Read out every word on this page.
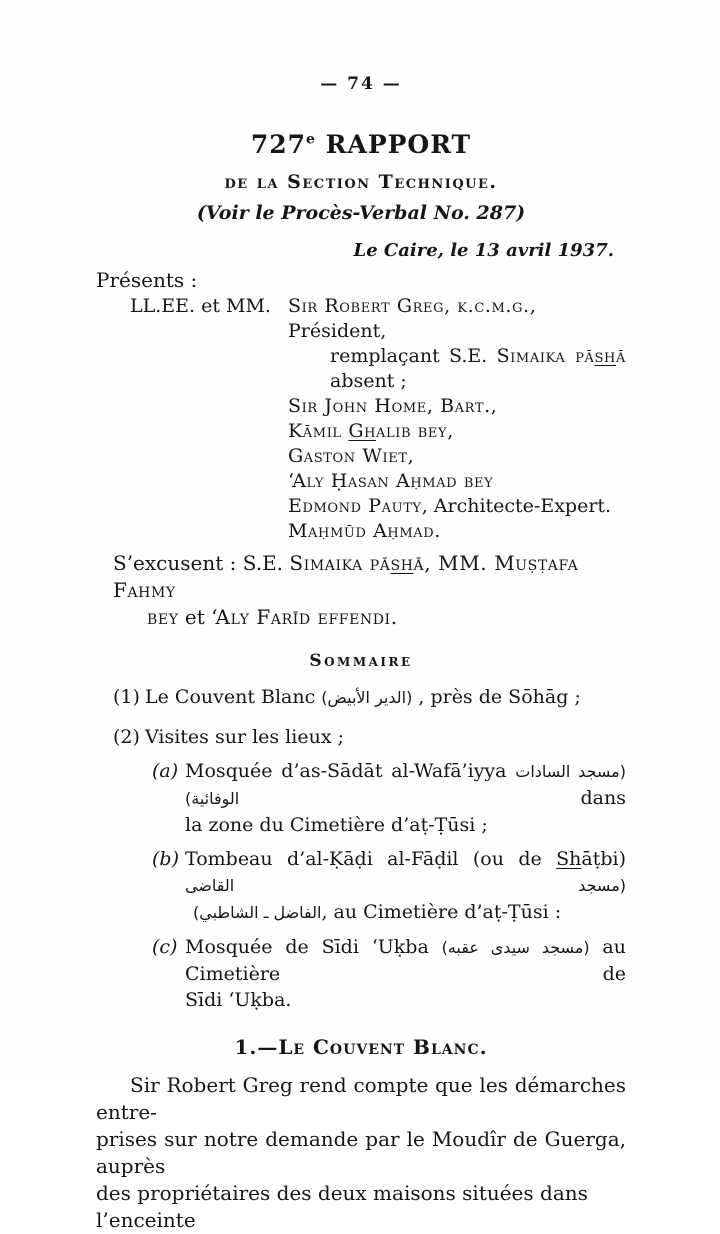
— 74 —
727e RAPPORT
de la Section Technique.
(Voir le Procès-Verbal No. 287)
Le Caire, le 13 avril 1937.
Présents :
LL.EE. et MM. Sir Robert Greg, k.c.m.g., Président,
remplaçant S.E. Simaika pāshā
absent ;
Sir John Home, Bart.,
Kāmil Ghalib bey,
Gaston Wiet,
‘Aly Ḥasan Aḥmad bey
Edmond Pauty, Architecte-Expert.
Maḥmūd Aḥmad.
S’excusent : S.E. Simaika pāshā, MM. Muṣṭafa Fahmy
bey et ‘Aly Farīd effendi.
Sommaire
(1) Le Couvent Blanc (الدير الأبيض) , près de Sōhāg ;
(2) Visites sur les lieux ;
(a) Mosquée d’as-Sādāt al-Wafā’iyya (مسجد السادات الوفائية) dans
la zone du Cimetière d’aṭ-Ṭūsi ;
(b) Tombeau d’al-Ḳāḍi al-Fāḍil (ou de Shāṭbi) (مسجد القاضى
الفاضل ـ الشاطبي), au Cimetière d’aṭ-Ṭūsi :
(c) Mosquée de Sīdi ‘Uḳba (مسجد سيدى عقبه) au Cimetière de
Sīdi ‘Uḳba.
1.—Le Couvent Blanc.
Sir Robert Greg rend compte que les démarches entre-
prises sur notre demande par le Moudîr de Guerga, auprès
des propriétaires des deux maisons situées dans l’enceinte
